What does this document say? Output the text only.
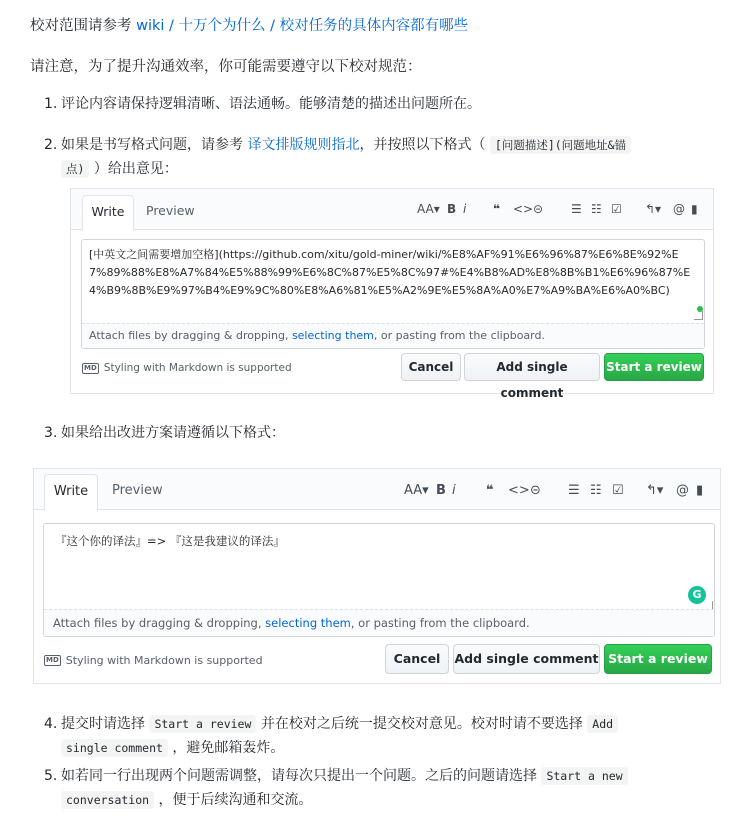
校对范围请参考 wiki / 十万个为什么 / 校对任务的具体内容都有哪些
请注意，为了提升沟通效率，你可能需要遵守以下校对规范：
1. 评论内容请保持逻辑清晰、语法通畅。能够清楚的描述出问题所在。
2. 如果是书写格式问题，请参考 译文排版规则指北，并按照以下格式（ [问题描述](问题地址&锚
点) ）给出意见：
Write	Preview	AA▾ B i	❝	<> ⊝	☰ ☷ ☑	↰▾ @ ▮
[中英文之间需要增加空格](https://github.com/xitu/gold-miner/wiki/%E8%AF%91%E6%96%87%E6%8E%92%E7%89%88%E8%A7%84%E5%88%99%E6%8C%87%E5%8C%97#%E4%B8%AD%E8%8B%B1%E6%96%87%E4%B9%8B%E9%97%B4%E9%9C%80%E8%A6%81%E5%A2%9E%E5%8A%A0%E7%A9%BA%E6%A0%BC)
Attach files by dragging & dropping, selecting them, or pasting from the clipboard.
MD Styling with Markdown is supported	Cancel	Add single comment
Start a review
3. 如果给出改进方案请遵循以下格式：
Write	Preview	AA▾ B i	❝	<> ⊝	☰ ☷ ☑	↰▾ @ ▮
『这个你的译法』=> 『这是我建议的译法』
G
Attach files by dragging & dropping, selecting them, or pasting from the clipboard.
MD Styling with Markdown is supported	Cancel	Add single comment Start a review
4. 提交时请选择 Start a review 并在校对之后统一提交校对意见。校对时请不要选择 Add
single comment ，避免邮箱轰炸。
5. 如若同一行出现两个问题需调整，请每次只提出一个问题。之后的问题请选择 Start a new
conversation ，便于后续沟通和交流。
